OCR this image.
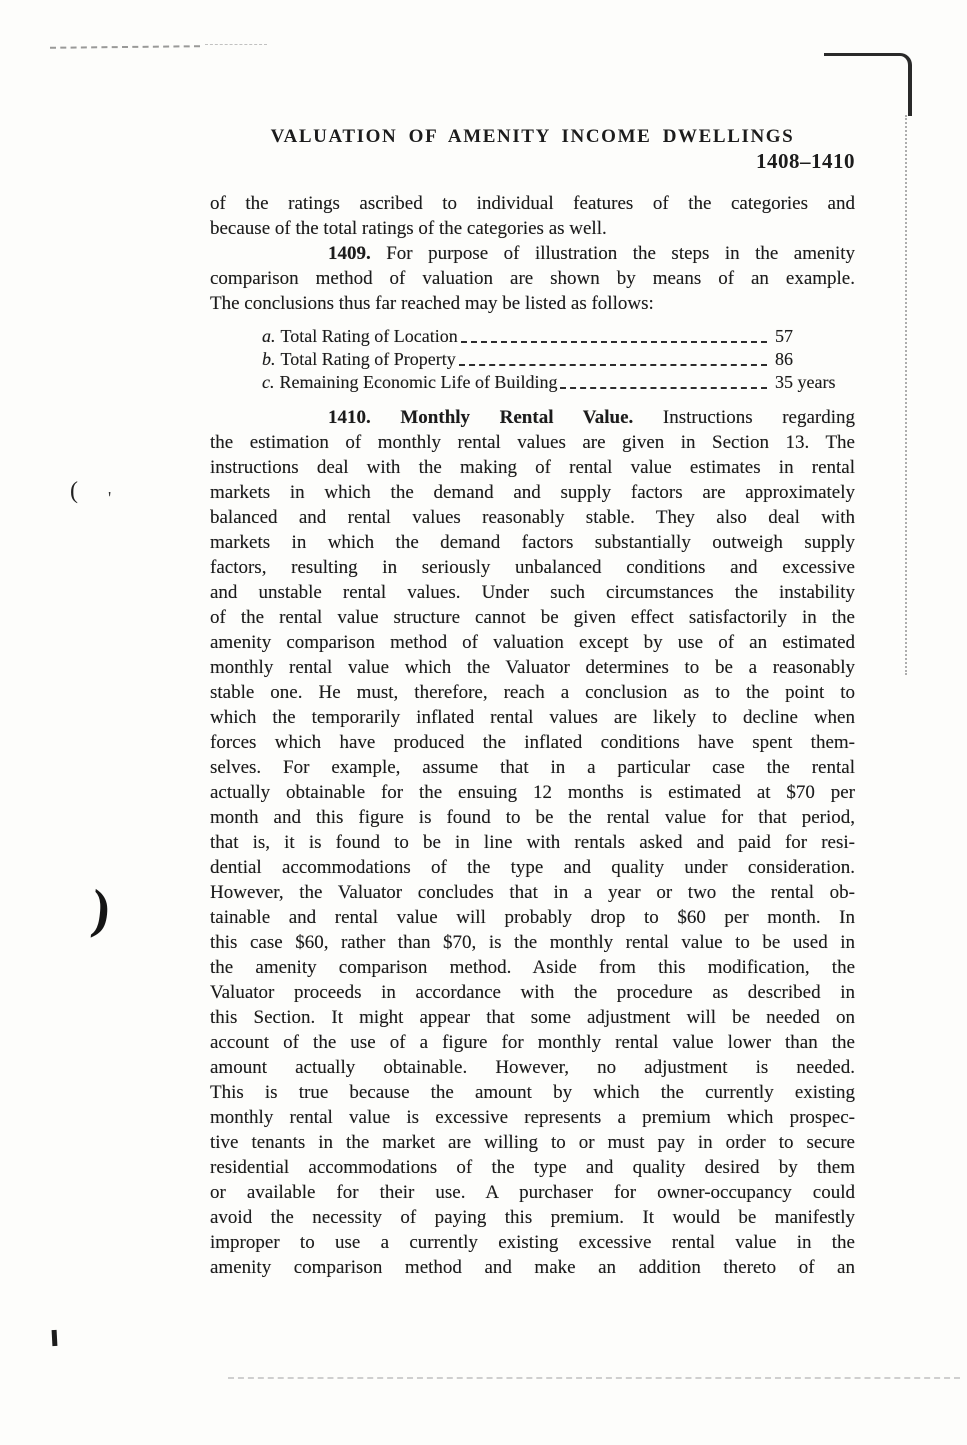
( '
)
VALUATION OF AMENITY INCOME DWELLINGS
1408–1410
of the ratings ascribed to individual features of the categories and
because of the total ratings of the categories as well.
1409. For purpose of illustration the steps in the amenity
comparison method of valuation are shown by means of an example.
The conclusions thus far reached may be listed as follows:
a. Total Rating of Location	57
b. Total Rating of Property	86
c. Remaining Economic Life of Building	35 years
1410. Monthly Rental Value. Instructions regarding
the estimation of monthly rental values are given in Section 13. The
instructions deal with the making of rental value estimates in rental
markets in which the demand and supply factors are approximately
balanced and rental values reasonably stable. They also deal with
markets in which the demand factors substantially outweigh supply
factors, resulting in seriously unbalanced conditions and excessive
and unstable rental values. Under such circumstances the instability
of the rental value structure cannot be given effect satisfactorily in the
amenity comparison method of valuation except by use of an estimated
monthly rental value which the Valuator determines to be a reasonably
stable one. He must, therefore, reach a conclusion as to the point to
which the temporarily inflated rental values are likely to decline when
forces which have produced the inflated conditions have spent them-
selves. For example, assume that in a particular case the rental
actually obtainable for the ensuing 12 months is estimated at $70 per
month and this figure is found to be the rental value for that period,
that is, it is found to be in line with rentals asked and paid for resi-
dential accommodations of the type and quality under consideration.
However, the Valuator concludes that in a year or two the rental ob-
tainable and rental value will probably drop to $60 per month. In
this case $60, rather than $70, is the monthly rental value to be used in
the amenity comparison method. Aside from this modification, the
Valuator proceeds in accordance with the procedure as described in
this Section. It might appear that some adjustment will be needed on
account of the use of a figure for monthly rental value lower than the
amount actually obtainable. However, no adjustment is needed.
This is true because the amount by which the currently existing
monthly rental value is excessive represents a premium which prospec-
tive tenants in the market are willing to or must pay in order to secure
residential accommodations of the type and quality desired by them
or available for their use. A purchaser for owner-occupancy could
avoid the necessity of paying this premium. It would be manifestly
improper to use a currently existing excessive rental value in the
amenity comparison method and make an addition thereto of an
